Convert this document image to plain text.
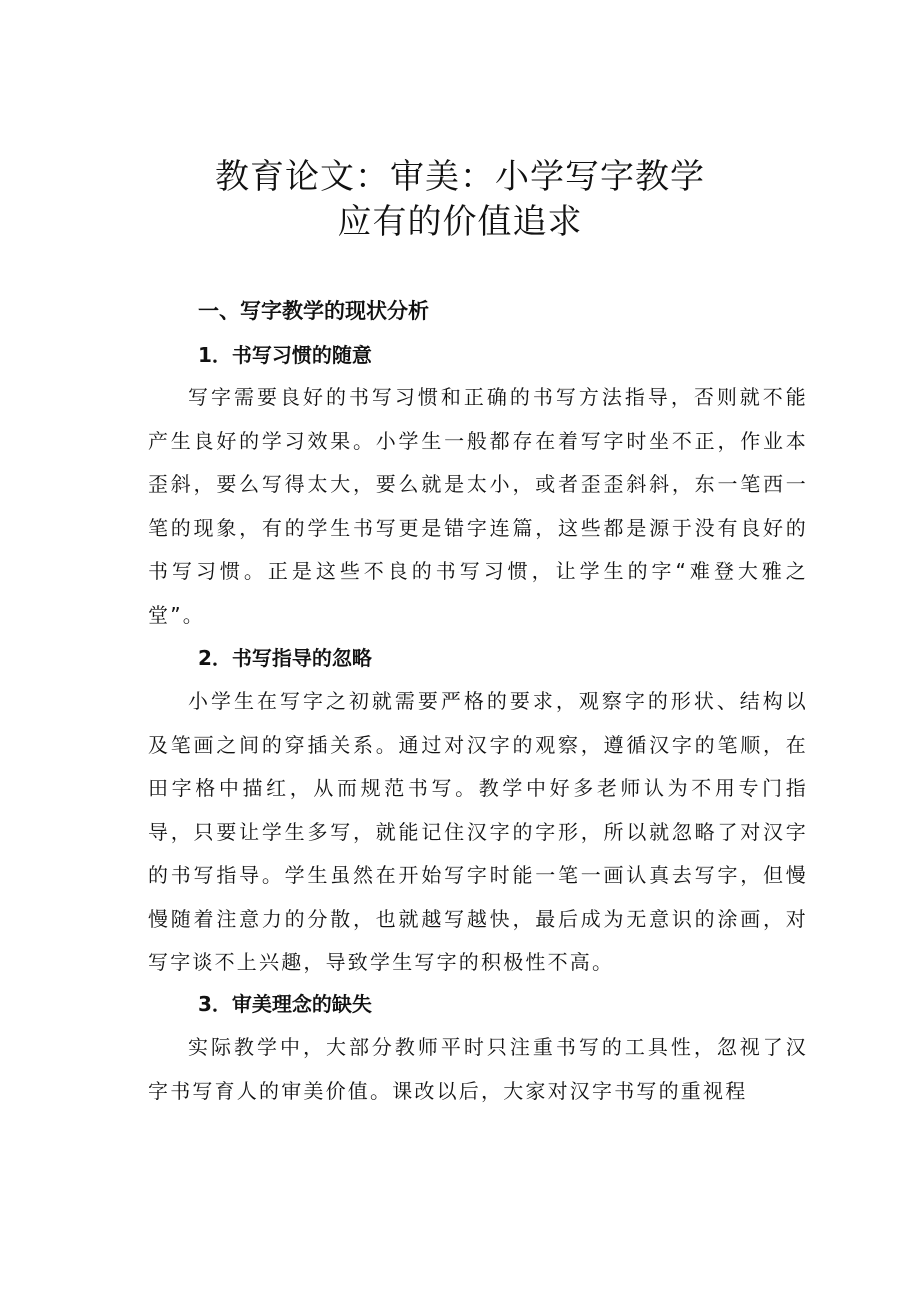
教育论文：审美：小学写字教学
应有的价值追求
一、写字教学的现状分析
1．书写习惯的随意

写字需要良好的书写习惯和正确的书写方法指导，否则就不能产生良好的学习效果。小学生一般都存在着写字时坐不正，作业本歪斜，要么写得太大，要么就是太小，或者歪歪斜斜，东一笔西一笔的现象，有的学生书写更是错字连篇，这些都是源于没有良好的书写习惯。正是这些不良的书写习惯，让学生的字“难登大雅之堂”。

2．书写指导的忽略

小学生在写字之初就需要严格的要求，观察字的形状、结构以及笔画之间的穿插关系。通过对汉字的观察，遵循汉字的笔顺，在田字格中描红，从而规范书写。教学中好多老师认为不用专门指导，只要让学生多写，就能记住汉字的字形，所以就忽略了对汉字的书写指导。学生虽然在开始写字时能一笔一画认真去写字，但慢慢随着注意力的分散，也就越写越快，最后成为无意识的涂画，对写字谈不上兴趣，导致学生写字的积极性不高。

3．审美理念的缺失

实际教学中，大部分教师平时只注重书写的工具性，忽视了汉字书写育人的审美价值。课改以后，大家对汉字书写的重视程
